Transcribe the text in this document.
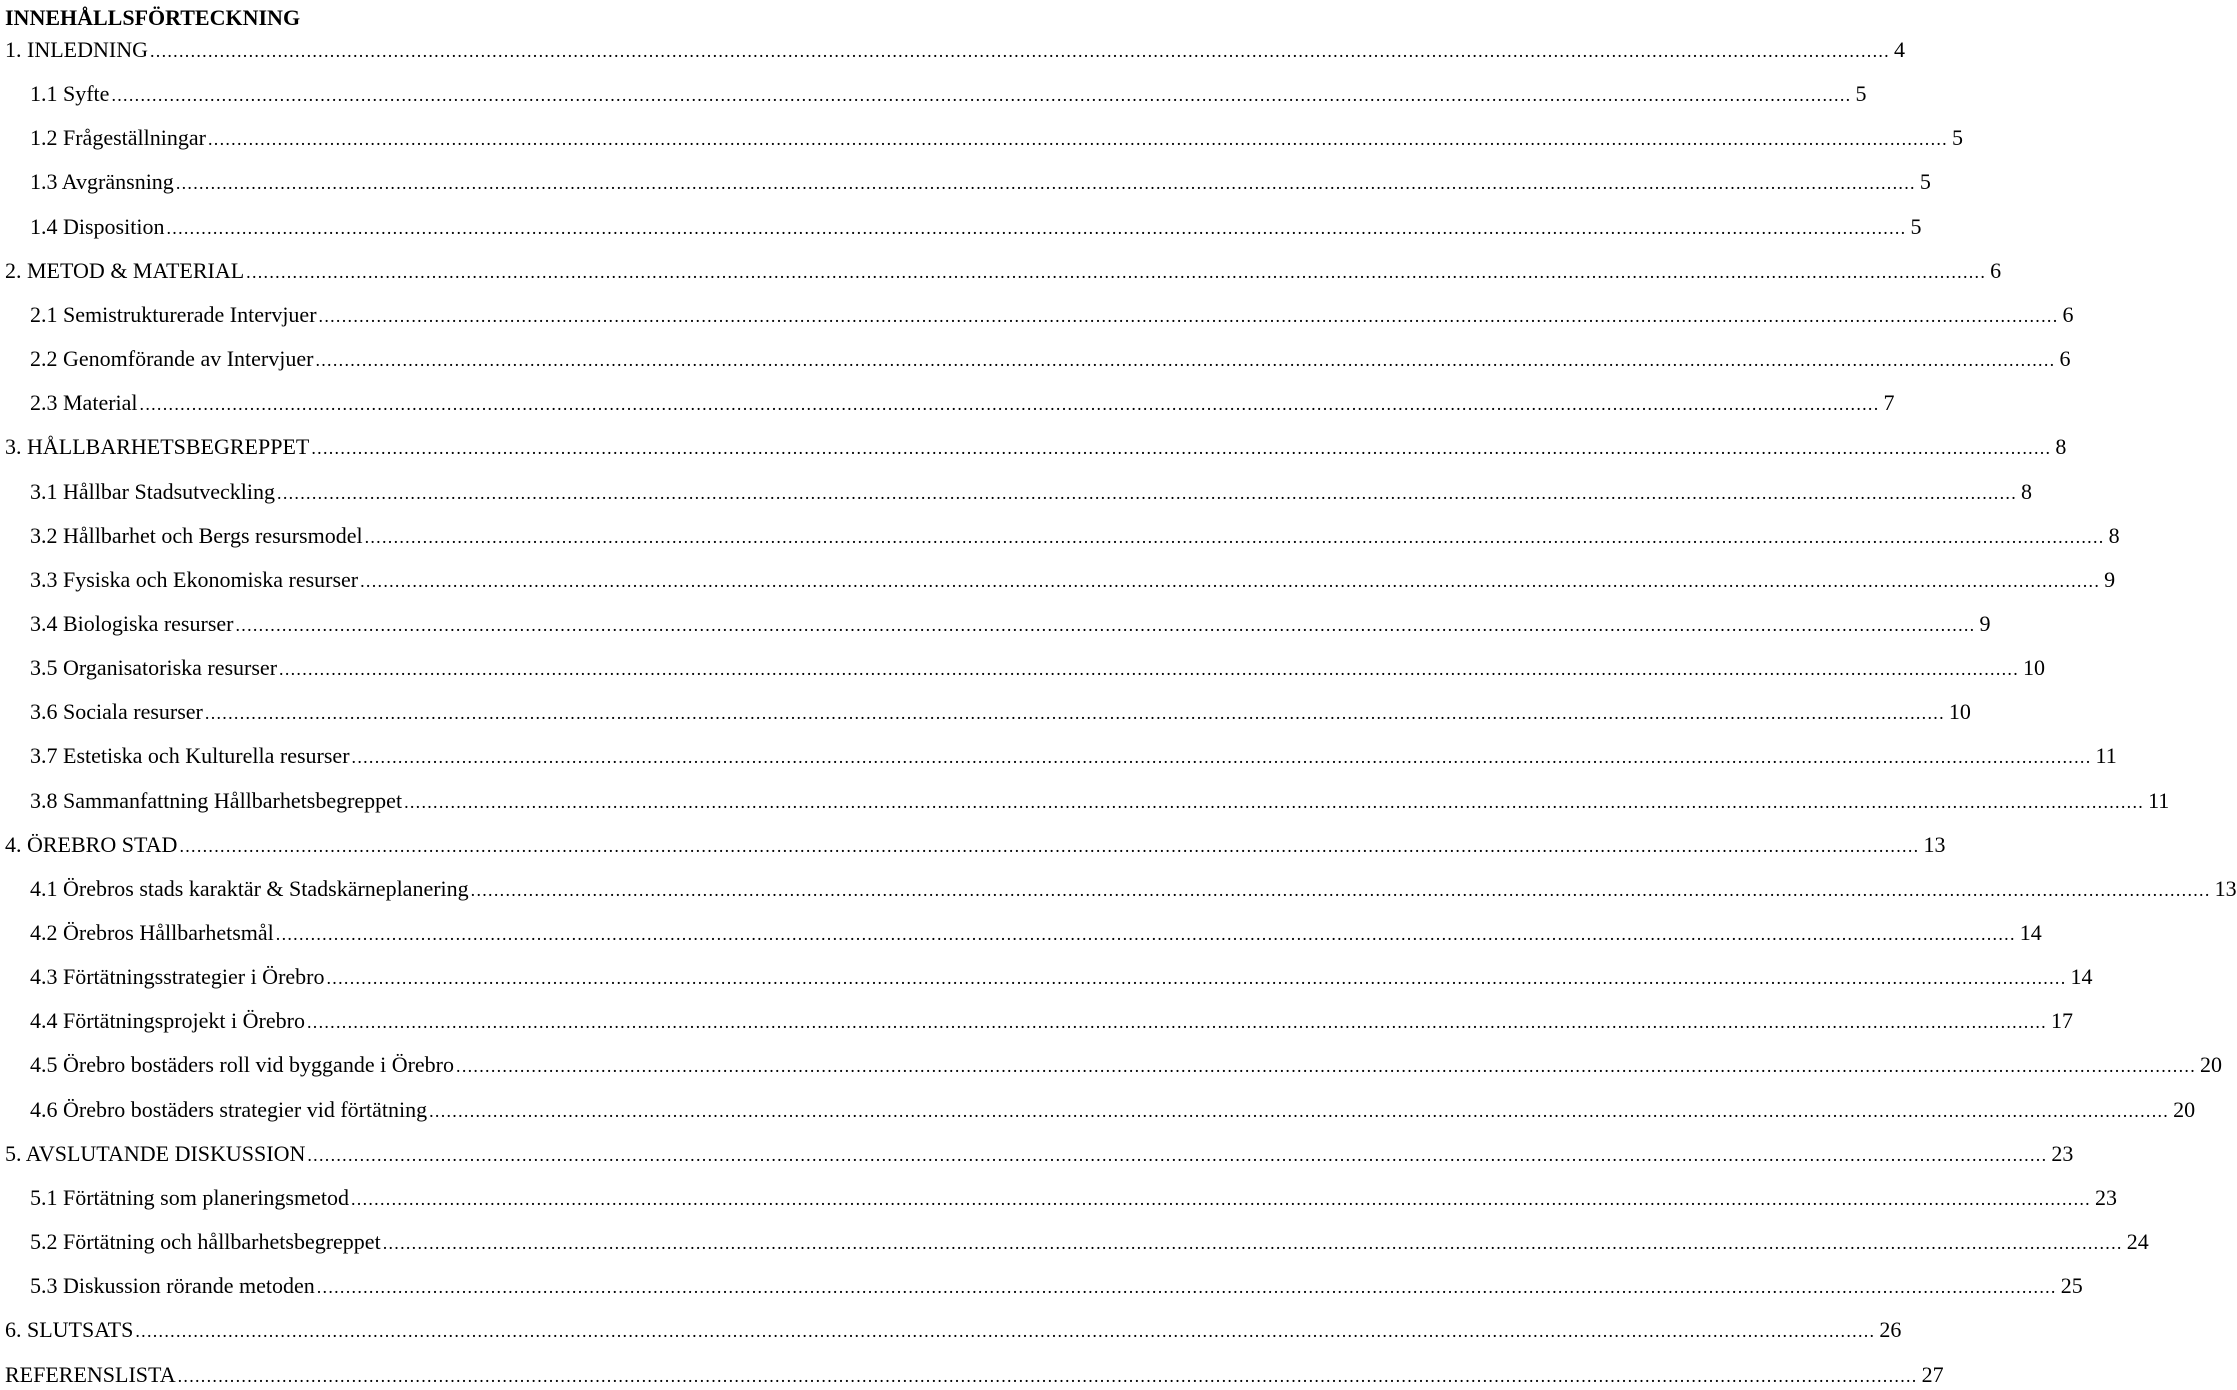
INNEHÅLLSFÖRTECKNING
1. INLEDNING ............................................................................................................................................................................................................................................................................................................ 4
1.1 Syfte ............................................................................................................................................................................................................................................................................................................ 5
1.2 Frågeställningar ............................................................................................................................................................................................................................................................................................................ 5
1.3 Avgränsning ............................................................................................................................................................................................................................................................................................................ 5
1.4 Disposition ............................................................................................................................................................................................................................................................................................................ 5
2. METOD & MATERIAL ............................................................................................................................................................................................................................................................................................................ 6
2.1 Semistrukturerade Intervjuer ............................................................................................................................................................................................................................................................................................................ 6
2.2 Genomförande av Intervjuer ............................................................................................................................................................................................................................................................................................................ 6
2.3 Material ............................................................................................................................................................................................................................................................................................................ 7
3. HÅLLBARHETSBEGREPPET ............................................................................................................................................................................................................................................................................................................ 8
3.1 Hållbar Stadsutveckling ............................................................................................................................................................................................................................................................................................................ 8
3.2 Hållbarhet och Bergs resursmodel ............................................................................................................................................................................................................................................................................................................ 8
3.3 Fysiska och Ekonomiska resurser ............................................................................................................................................................................................................................................................................................................ 9
3.4 Biologiska resurser ............................................................................................................................................................................................................................................................................................................ 9
3.5 Organisatoriska resurser ............................................................................................................................................................................................................................................................................................................ 10
3.6 Sociala resurser ............................................................................................................................................................................................................................................................................................................ 10
3.7 Estetiska och Kulturella resurser ............................................................................................................................................................................................................................................................................................................ 11
3.8 Sammanfattning Hållbarhetsbegreppet ............................................................................................................................................................................................................................................................................................................ 11
4. ÖREBRO STAD ............................................................................................................................................................................................................................................................................................................ 13
4.1 Örebros stads karaktär & Stadskärneplanering ............................................................................................................................................................................................................................................................................................................ 13
4.2 Örebros Hållbarhetsmål ............................................................................................................................................................................................................................................................................................................ 14
4.3 Förtätningsstrategier i Örebro ............................................................................................................................................................................................................................................................................................................ 14
4.4 Förtätningsprojekt i Örebro ............................................................................................................................................................................................................................................................................................................ 17
4.5 Örebro bostäders roll vid byggande i Örebro ............................................................................................................................................................................................................................................................................................................ 20
4.6 Örebro bostäders strategier vid förtätning ............................................................................................................................................................................................................................................................................................................ 20
5. AVSLUTANDE DISKUSSION ............................................................................................................................................................................................................................................................................................................ 23
5.1 Förtätning som planeringsmetod ............................................................................................................................................................................................................................................................................................................ 23
5.2 Förtätning och hållbarhetsbegreppet ............................................................................................................................................................................................................................................................................................................ 24
5.3 Diskussion rörande metoden ............................................................................................................................................................................................................................................................................................................ 25
6. SLUTSATS ............................................................................................................................................................................................................................................................................................................ 26
REFERENSLISTA ............................................................................................................................................................................................................................................................................................................ 27
